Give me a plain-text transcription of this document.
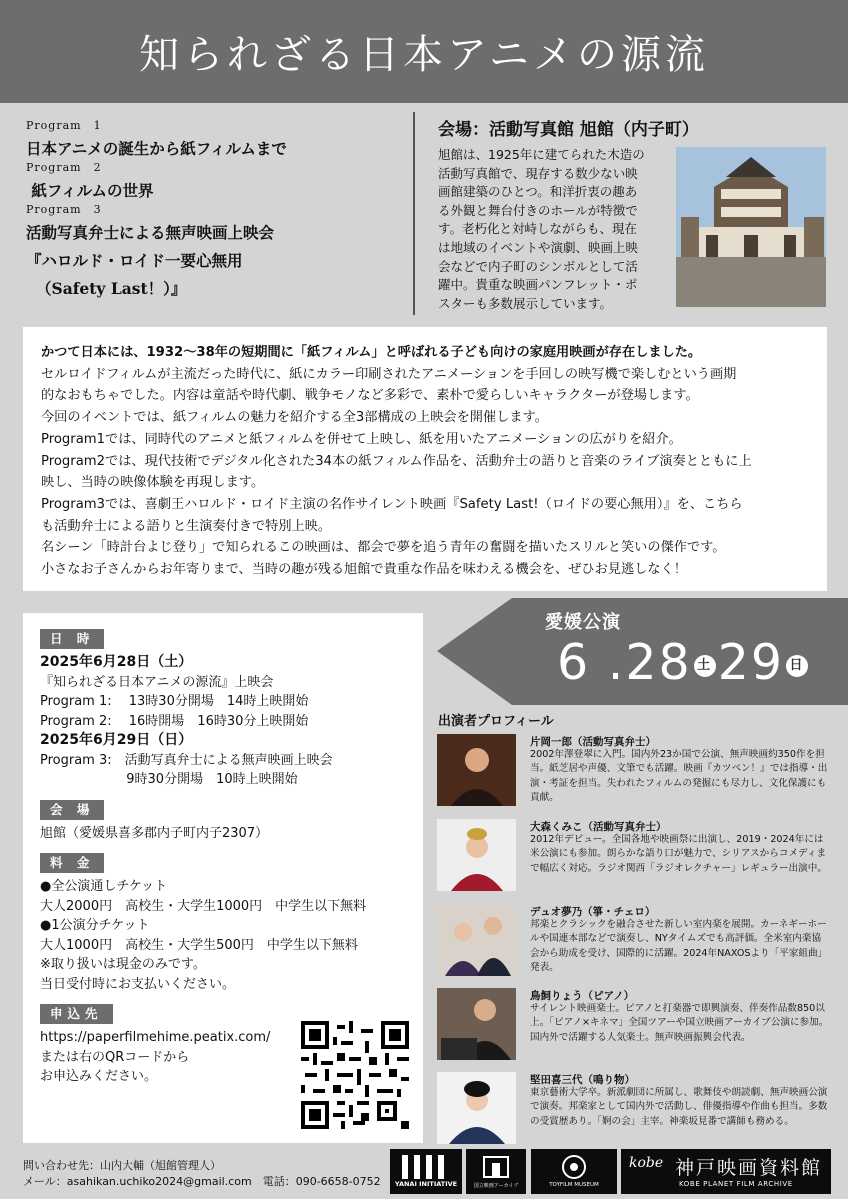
知られざる日本アニメの源流
Program　1
日本アニメの誕生から紙フィルムまで
Program　2
紙フィルムの世界
Program　3
活動写真弁士による無声映画上映会
『ハロルド・ロイド一要心無用
（Safety Last！）』
会場：活動写真館 旭館（内子町）
旭館は、1925年に建てられた木造の
活動写真館で、現存する数少ない映
画館建築のひとつ。和洋折衷の趣あ
る外観と舞台付きのホールが特徴で
す。老朽化と対峙しながらも、現在
は地域のイベントや演劇、映画上映
会などで内子町のシンボルとして活
躍中。貴重な映画パンフレット・ポ
スターも多数展示しています。
かつて日本には、1932～38年の短期間に「紙フィルム」と呼ばれる子ども向けの家庭用映画が存在しました。
セルロイドフィルムが主流だった時代に、紙にカラー印刷されたアニメーションを手回しの映写機で楽しむという画期
的なおもちゃでした。内容は童話や時代劇、戦争モノなど多彩で、素朴で愛らしいキャラクターが登場します。
今回のイベントでは、紙フィルムの魅力を紹介する全3部構成の上映会を開催します。
Program1では、同時代のアニメと紙フィルムを併せて上映し、紙を用いたアニメーションの広がりを紹介。
Program2では、現代技術でデジタル化された34本の紙フィルム作品を、活動弁士の語りと音楽のライブ演奏とともに上
映し、当時の映像体験を再現します。
Program3では、喜劇王ハロルド・ロイド主演の名作サイレント映画『Safety Last!（ロイドの要心無用）』を、こちら
も活動弁士による語りと生演奏付きで特別上映。
名シーン「時計台よじ登り」で知られるこの映画は、都会で夢を追う青年の奮闘を描いたスリルと笑いの傑作です。
小さなお子さんからお年寄りまで、当時の趣が残る旭館で貴重な作品を味わえる機会を、ぜひお見逃しなく！
日 時
2025年6月28日（土）
『知られざる日本アニメの源流』上映会
Program 1:　 13時30分開場　14時上映開始
Program 2:　 16時開場　16時30分上映開始
2025年6月29日（日）
Program 3:　活動写真弁士による無声映画上映会
　　　　　　  9時30分開場　10時上映開始
会 場
旭館（愛媛県喜多郡内子町内子2307）
料 金
●全公演通しチケット
大人2000円　高校生・大学生1000円　中学生以下無料
●1公演分チケット
大人1000円　高校生・大学生500円　中学生以下無料
※取り扱いは現金のみです。
当日受付時にお支払いください。
申込先
https://paperfilmehime.peatix.com/
または右のQRコードから
お申込みください。
愛媛公演
6 .28 土 29 日
出演者プロフィール
片岡一郎（活動写真弁士）
2002年澤登翠に入門。国内外23か国で公演、無声映画約350作を担当。紙芝居や声優、文筆でも活躍。映画『カツベン！』では指導・出演・考証を担当。失われたフィルムの発掘にも尽力し、文化保護にも貢献。
大森くみこ（活動写真弁士）
2012年デビュー。全国各地や映画祭に出演し、2019・2024年には米公演にも参加。朗らかな語り口が魅力で、シリアスからコメディまで幅広く対応。ラジオ関西「ラジオレクチャー」レギュラー出演中。
デュオ夢乃（箏・チェロ）
邦楽とクラシックを融合させた新しい室内楽を展開。カーネギーホールや国連本部などで演奏し、NYタイムズでも高評価。全米室内楽協会から助成を受け、国際的に活躍。2024年NAXOSより「平家組曲」発表。
鳥飼りょう（ピアノ）
サイレント映画楽士。ピアノと打楽器で即興演奏、伴奏作品数850以上。「ピアノ×キネマ」全国ツアーや国立映画アーカイブ公演に参加。国内外で活躍する人気楽士。無声映画振興会代表。
堅田喜三代（鳴り物）
東京藝術大学卒。新派劇団に所属し、歌舞伎や朗読劇、無声映画公演で演奏。邦楽家として国内外で活動し、俳優指導や作曲も担当。多数の受賞歴あり。「婀の会」主宰。神楽坂見番で講師も務める。
問い合わせ先：山内大輔（旭館管理人）
メール：asahikan.uchiko2024@gmail.com　電話：090-6658-0752	YANAI INITIATIVE	国立映画アーカイブ	TOYFILM MUSEUM
kobe 神戸映画資料館
KOBE PLANET FILM ARCHIVE
